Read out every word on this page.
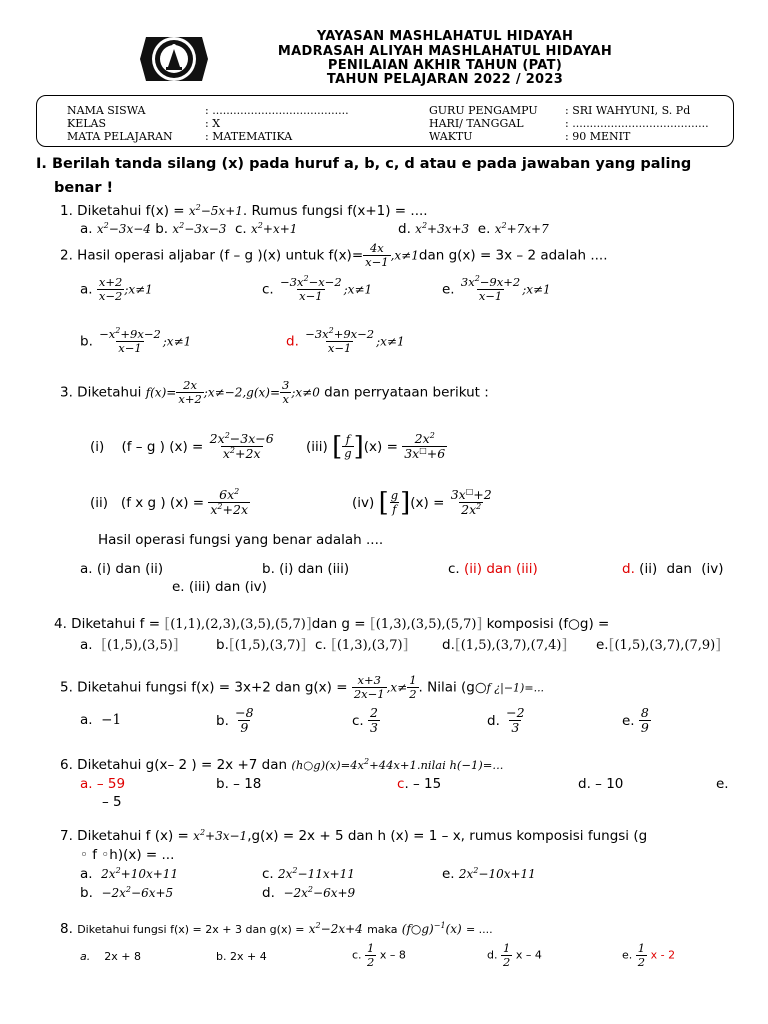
YAYASAN MASHLAHATUL HIDAYAH
MADRASAH ALIYAH MASHLAHATUL HIDAYAH
PENILAIAN AKHIR TAHUN (PAT)
TAHUN PELAJARAN 2022 / 2023
NAMA SISWA	: .......................................
KELAS	: X
MATA PELAJARAN	: MATEMATIKA
GURU PENGAMPU : SRI WAHYUNI, S. Pd
HARI/ TANGGAL	: .......................................
WAKTU	: 90 MENIT
I. Berilah tanda silang (x) pada huruf a, b, c, d atau e pada jawaban yang paling
benar !
1. Diketahui $f(x) = x^2-5x+1$. Rumus fungsi f(x+1) = ....
a. $x^2-3x-4$ b. $x^2-3x-3$ c. $x^2+x+1$	d. $x^2+3x+3$ e. $x^2+7x+7$
2. Hasil operasi aljabar (f – g )(x) untuk $f(x)= \frac{4x}{x-1} ,x\ne 1dan$ g(x) = 3x – 2 adalah ....
a. $\frac{x+2}{x-2}$ ;x≠1	c. $\frac{-3x^2-x-2}{x-1}$ ;x≠1	e. $\frac{3x^2-9x+2}{x-1}$ ;x≠1
b. $\frac{-x^2+9x-2}{x-1}$ ;x≠1	d. $\frac{-3x^2+9x-2}{x-1}$ ;x≠1
3. Diketahui $f(x)= \frac{2x}{x+2}$ ;x≠−2,g(x)= $\frac{3}{x}$ ;x≠0 dan perryataan berikut :
(i) (f – g ) $(x) = \frac{2x^2-3x-6}{x^2+2x} (iii)$ [ $\frac{f}{g} ](x) = \frac{2x^2}{3x^□+6}$
(ii) (f x g ) $(x) = \frac{6x^2}{x^2+2x}$	(iv) [ $\frac{g}{f} ](x) = \frac{3x^□+2}{2x^2}$
Hasil operasi fungsi yang benar adalah ....
a. (i) dan (ii)	b. (i) dan (iii)	c. (ii) dan (iii)	d. (ii) dan (iv)
e. (iii) dan (iv)
4. Diketahui f = [(1,1),(2,3),(3,5),(5,7)]dan g = [(1,3),(3,5),(5,7)] komposisi (f○g) =
a.  [(1,5),(3,5)]	b.[(1,5),(3,7)]  c. [(1,3),(3,7)] d.[(1,5),(3,7),(7,4)] e.[(1,5),(3,7),(7,9)]
5. Diketahui fungsi f(x) = 3x+2 dan $g(x) = \frac{x+3}{2x-1} ,x\ne \frac{1}{2}$ . Nilai (g○f ¿|−1)=...
a.  −1	b. $\frac{-8}{9}$	c. $\frac{2}{3}$	d. $\frac{-2}{3}$	e. $\frac{8}{9}$
6. Diketahui g(x– 2 ) = 2x +7 dan $(h○g)(x)=4x^2+44x+1.nilai$ h(−1)=...
a. – 59	b. – 18	c. – 15	d. – 10	e.
– 5
7. Diketahui f $(x) = x^2+3x-1,g(x) = 2x + 5$ dan h (x) = 1 – x, rumus komposisi fungsi (g
◦ f ◦h)(x) = ...
a.  $2x^2+10x+11$	c. $2x^2-11x+11$	e. $2x^2-10x+11$
b.  $-2x^2-6x+5$	d.  $-2x^2-6x+9$
8. Diketahui fungsi f(x) = 2x + 3 dan $g(x) = x^2-2x+4$ maka (f○g)$^{-1}$(x) = ....
a. 2x + 8	b. 2x + 4	c. $\frac{1}{2}$ x – 8	d. $\frac{1}{2}$ x – 4	e. $\frac{1}{2}$ x - 2
